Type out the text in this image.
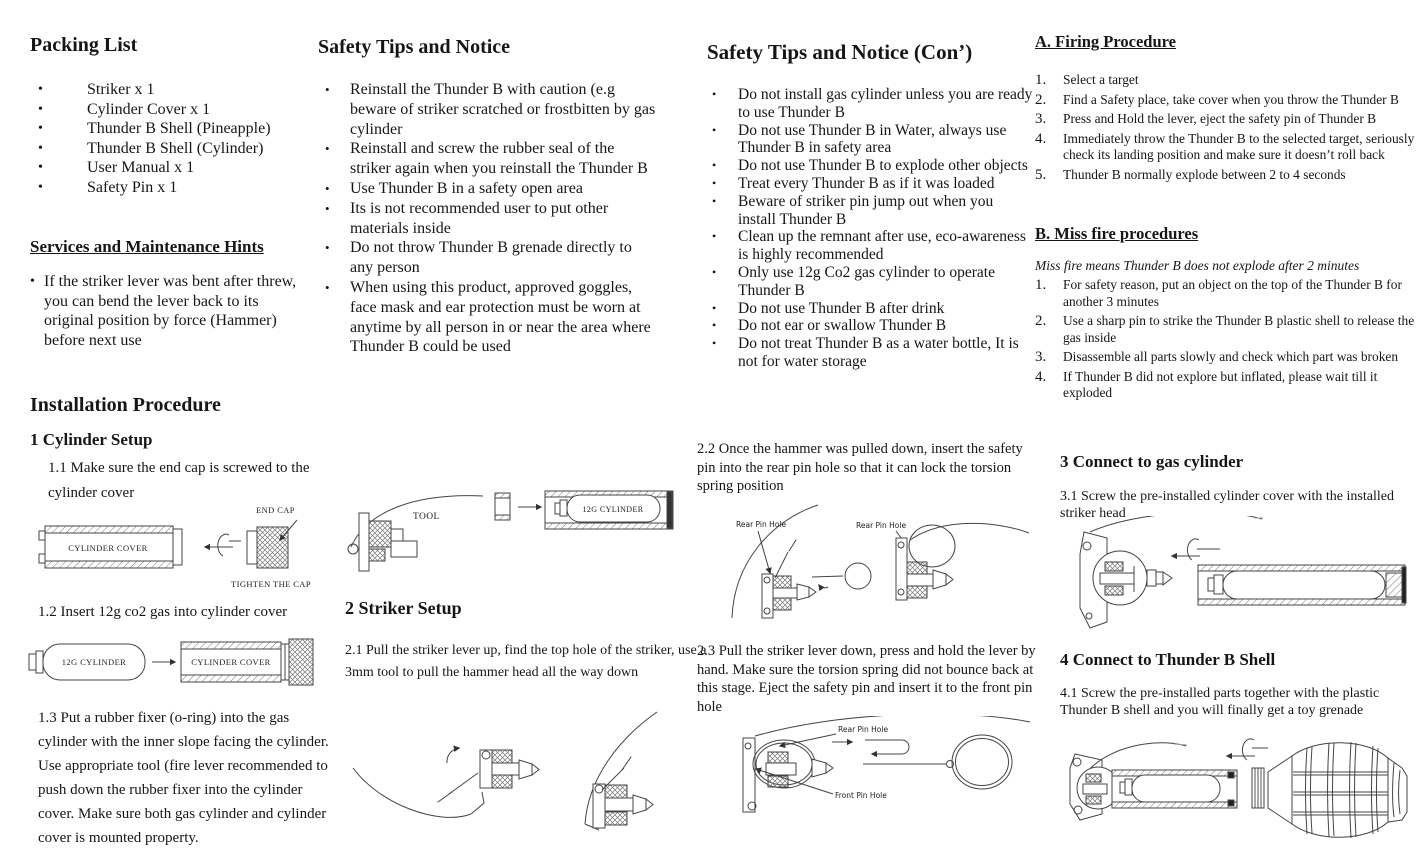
Packing List
• Striker x 1
• Cylinder Cover x 1
• Thunder B Shell (Pineapple)
• Thunder B Shell (Cylinder)
• User Manual x 1
• Safety Pin x 1
Services and Maintenance Hints
• If the striker lever was bent after threw, you can bend the lever back to its original position by force (Hammer) before next use
Installation Procedure
1 Cylinder Setup
1.1 Make sure the end cap is screwed to the cylinder cover
CYLINDER COVER
END CAP
TIGHTEN THE CAP
1.2 Insert 12g co2 gas into cylinder cover
12G CYLINDER	CYLINDER COVER
1.3 Put a rubber fixer (o-ring) into the gas cylinder with the inner slope facing the cylinder. Use appropriate tool (fire lever recommended to push down the rubber fixer into the cylinder cover. Make sure both gas cylinder and cylinder cover is mounted property.
Safety Tips and Notice
• Reinstall the Thunder B with caution (e.g beware of striker scratched or frostbitten by gas cylinder
• Reinstall and screw the rubber seal of the striker again when you reinstall the Thunder B
• Use Thunder B in a safety open area
• Its is not recommended user to put other materials inside
• Do not throw Thunder B grenade directly to any person
• When using this product, approved goggles, face mask and ear protection must be worn at anytime by all person in or near the area where Thunder B could be used
TOOL
12G CYLINDER
2 Striker Setup
2.1 Pull the striker lever up, find the top hole of the striker, use a 3mm tool to pull the hammer head all the way down
Safety Tips and Notice (Con’)
• Do not install gas cylinder unless you are ready to use Thunder B
• Do not use Thunder B in Water, always use Thunder B in safety area
• Do not use Thunder B to explode other objects
• Treat every Thunder B as if it was loaded
• Beware of striker pin jump out when you install Thunder B
• Clean up the remnant after use, eco-awareness is highly recommended
• Only use 12g Co2 gas cylinder to operate Thunder B
• Do not use Thunder B after drink
• Do not ear or swallow Thunder B
• Do not treat Thunder B as a water bottle, It is not for water storage
2.2 Once the hammer was pulled down, insert the safety pin into the rear pin hole so that it can lock the torsion spring position
Rear Pin Hole	Rear Pin Hole
2.3 Pull the striker lever down, press and hold the lever by hand. Make sure the torsion spring did not bounce back at this stage. Eject the safety pin and insert it to the front pin hole
Rear Pin Hole
Front Pin Hole
A. Firing Procedure
Select a target
Find a Safety place, take cover when you throw the Thunder B
Press and Hold the lever, eject the safety pin of Thunder B
Immediately throw the Thunder B to the selected target, seriously check its landing position and make sure it doesn’t roll back
Thunder B normally explode between 2 to 4 seconds
B. Miss fire procedures
Miss fire means Thunder B does not explode after 2 minutes
For safety reason, put an object on the top of the Thunder B for another 3 minutes
Use a sharp pin to strike the Thunder B plastic shell to release the gas inside
Disassemble all parts slowly and check which part was broken
If Thunder B did not explore but inflated, please wait till it exploded
3 Connect to gas cylinder
3.1 Screw the pre-installed cylinder cover with the installed striker head
4 Connect to Thunder B Shell
4.1 Screw the pre-installed parts together with the plastic Thunder B shell and you will finally get a toy grenade
